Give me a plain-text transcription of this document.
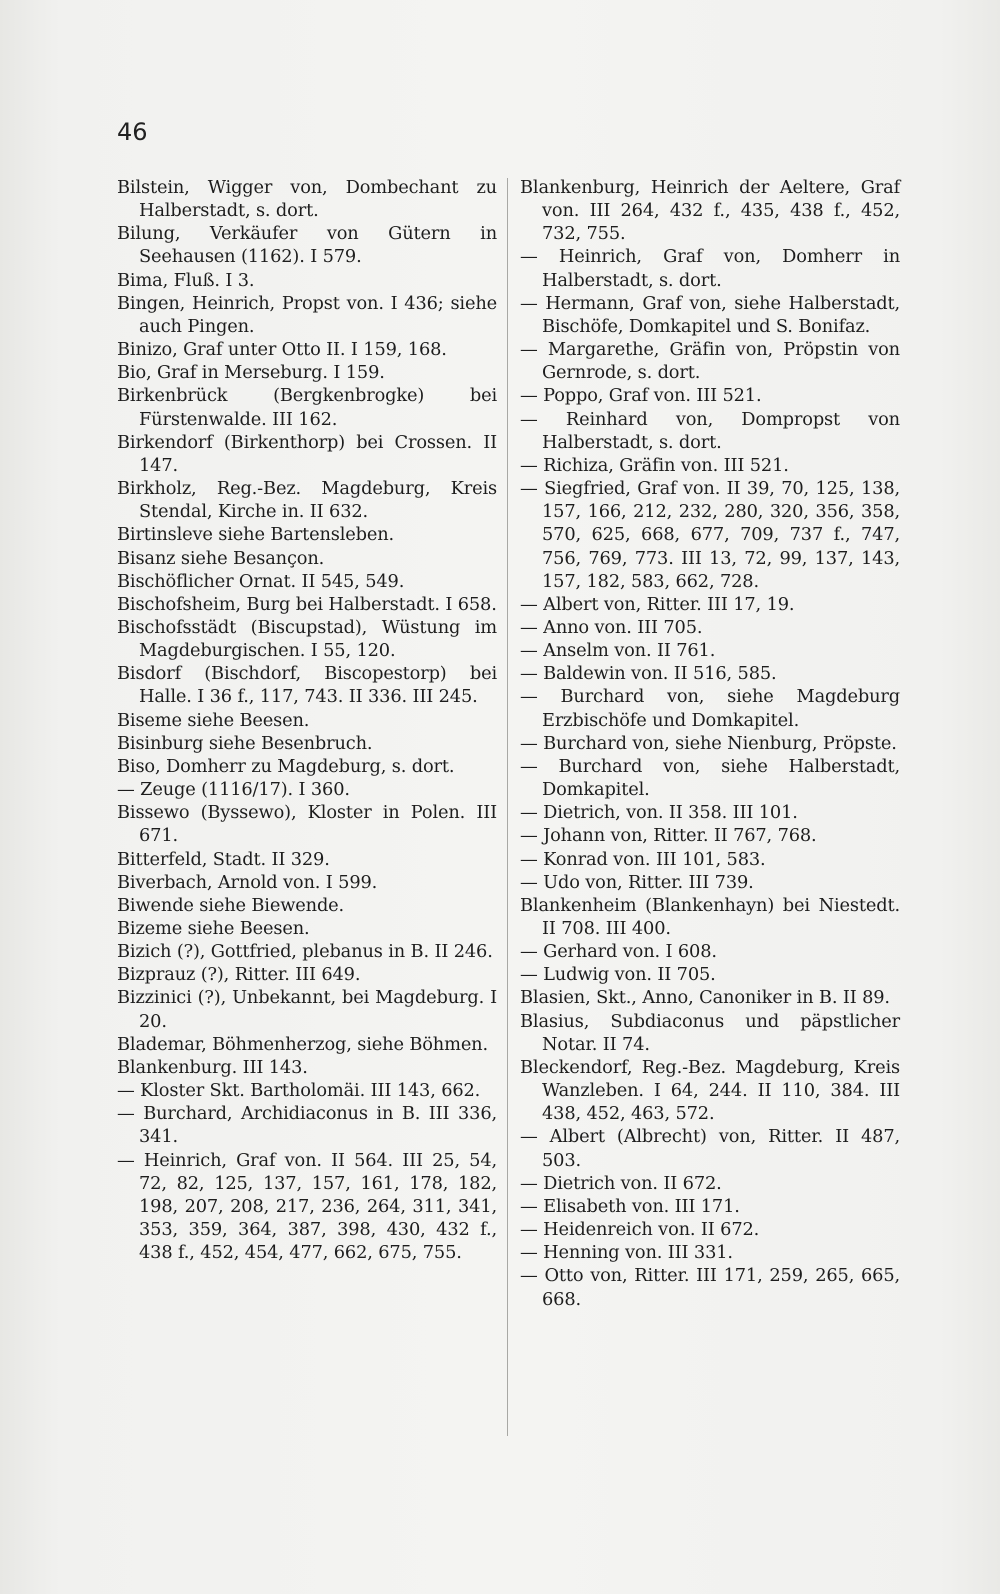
46

Bilstein, Wigger von, Dombechant zu Halberstadt, s. dort.

Bilung, Verkäufer von Gütern in Seehausen (1162). I 579.

Bima, Fluß. I 3.

Bingen, Heinrich, Propst von. I 436; siehe auch Pingen.

Binizo, Graf unter Otto II. I 159, 168.

Bio, Graf in Merseburg. I 159.

Birkenbrück (Bergkenbrogke) bei Fürstenwalde. III 162.

Birkendorf (Birkenthorp) bei Crossen. II 147.

Birkholz, Reg.-Bez. Magdeburg, Kreis Stendal, Kirche in. II 632.

Birtinsleve siehe Bartensleben.

Bisanz siehe Besançon.

Bischöflicher Ornat. II 545, 549.

Bischofsheim, Burg bei Halberstadt. I 658.

Bischofsstädt (Biscupstad), Wüstung im Magdeburgischen. I 55, 120.

Bisdorf (Bischdorf, Biscopestorp) bei Halle. I 36 f., 117, 743. II 336. III 245.

Biseme siehe Beesen.

Bisinburg siehe Besenbruch.

Biso, Domherr zu Magdeburg, s. dort.

— Zeuge (1116/17). I 360.

Bissewo (Byssewo), Kloster in Polen. III 671.

Bitterfeld, Stadt. II 329.

Biverbach, Arnold von. I 599.

Biwende siehe Biewende.

Bizeme siehe Beesen.

Bizich (?), Gottfried, plebanus in B. II 246.

Bizprauz (?), Ritter. III 649.

Bizzinici (?), Unbekannt, bei Magdeburg. I 20.

Blademar, Böhmenherzog, siehe Böhmen.

Blankenburg. III 143.

— Kloster Skt. Bartholomäi. III 143, 662.

— Burchard, Archidiaconus in B. III 336, 341.

— Heinrich, Graf von. II 564. III 25, 54, 72, 82, 125, 137, 157, 161, 178, 182, 198, 207, 208, 217, 236, 264, 311, 341, 353, 359, 364, 387, 398, 430, 432 f., 438 f., 452, 454, 477, 662, 675, 755.

Blankenburg, Heinrich der Aeltere, Graf von. III 264, 432 f., 435, 438 f., 452, 732, 755.

— Heinrich, Graf von, Domherr in Halberstadt, s. dort.

— Hermann, Graf von, siehe Halberstadt, Bischöfe, Domkapitel und S. Bonifaz.

— Margarethe, Gräfin von, Pröpstin von Gernrode, s. dort.

— Poppo, Graf von. III 521.

— Reinhard von, Dompropst von Halberstadt, s. dort.

— Richiza, Gräfin von. III 521.

— Siegfried, Graf von. II 39, 70, 125, 138, 157, 166, 212, 232, 280, 320, 356, 358, 570, 625, 668, 677, 709, 737 f., 747, 756, 769, 773. III 13, 72, 99, 137, 143, 157, 182, 583, 662, 728.

— Albert von, Ritter. III 17, 19.

— Anno von. III 705.

— Anselm von. II 761.

— Baldewin von. II 516, 585.

— Burchard von, siehe Magdeburg Erzbischöfe und Domkapitel.

— Burchard von, siehe Nienburg, Pröpste.

— Burchard von, siehe Halberstadt, Domkapitel.

— Dietrich, von. II 358. III 101.

— Johann von, Ritter. II 767, 768.

— Konrad von. III 101, 583.

— Udo von, Ritter. III 739.

Blankenheim (Blankenhayn) bei Niestedt. II 708. III 400.

— Gerhard von. I 608.

— Ludwig von. II 705.

Blasien, Skt., Anno, Canoniker in B. II 89.

Blasius, Subdiaconus und päpstlicher Notar. II 74.

Bleckendorf, Reg.-Bez. Magdeburg, Kreis Wanzleben. I 64, 244. II 110, 384. III 438, 452, 463, 572.

— Albert (Albrecht) von, Ritter. II 487, 503.

— Dietrich von. II 672.

— Elisabeth von. III 171.

— Heidenreich von. II 672.

— Henning von. III 331.

— Otto von, Ritter. III 171, 259, 265, 665, 668.
